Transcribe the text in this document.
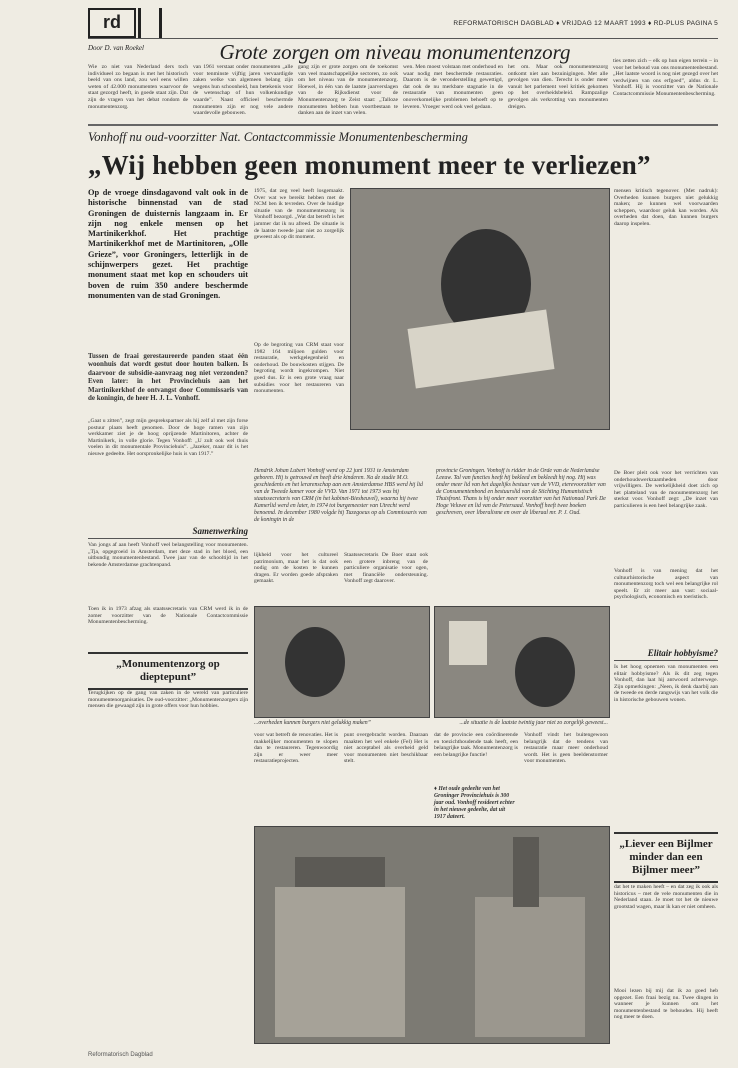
rd	REFORMATORISCH DAGBLAD ♦ VRIJDAG 12 MAART 1993 ♦ RD-PLUS PAGINA 5
Door D. van Roekel	Grote zorgen om niveau monumentenzorg
Wie zo niet van Nederland ders toch individueel zo begaan is met het historisch beeld van ons land, zou wel eens willen weten of 42.000 monumenten waarvoor de staat gezorgd heeft, in goede staat zijn. Dat zijn de vragen van het debat rondom de monumentenzorg.
van 1961 verstaat onder monumenten „alle voor tenminste vijftig jaren vervaardigde zaken welke van algemeen belang zijn wegens hun schoonheid, hun betekenis voor de wetenschap of hun volkenkundige waarde”. Naast officieel beschermde monumenten zijn er nog vele andere waardevolle gebouwen.
gang zijn er grote zorgen om de toekomst van veel maatschappelijke sectoren, zo ook om het niveau van de monumentenzorg. Hoewel, in één van de laatste jaarverslagen van de Rijksdienst voor de Monumentenzorg te Zeist staat: „Talloze monumenten hebben hun voortbestaan te danken aan de inzet van velen.
wen. Men moest volstaan met onderhoud en waar nodig met beschermde restauraties. Daarom is de veronderstelling gewettigd, dat ook de nu merkbare stagnatie in de restauratie van monumenten geen onoverkomelijke problemen behoeft op te leveren. Vroeger werd ook veel gedaan.
het om. Maar ook monumentenzorg ontkomt niet aan bezuinigingen. Met alle gevolgen van dien. Terecht is onder meer vanuit het parlement veel kritiek gekomen op het overheidsbeleid. Rampzalige gevolgen als verkrotting van monumenten dreigen.
ties zetten zich – elk op hun eigen terrein – in voor het behoud van ons monumentenbestand. „Het laatste woord is nog niet gezegd over het verdwijnen van ons erfgoed”, aldus dr. L. Vonhoff. Hij is voorzitter van de Nationale Contactcommissie Monumentenbescherming.
Vonhoff nu oud-voorzitter Nat. Contactcommissie Monumentenbescherming
„Wij hebben geen monument meer te verliezen”
Op de vroege dinsdagavond valt ook in de historische binnenstad van de stad Groningen de duisternis langzaam in. Er zijn nog enkele mensen op het Martinikerkhof. Het prachtige Martinikerkhof met de Martinitoren, „Olle Grieze”, voor Groningers, letterlijk in de schijnwerpers gezet. Het prachtige monument staat met kop en schouders uit boven de ruim 350 andere beschermde monumenten van de stad Groningen.
Tussen de fraai gerestaureerde panden staat één woonhuis dat wordt gestut door houten balken. Is daarvoor de subsidie-aanvraag nog niet verzonden? Even later: in het Provinciehuis aan het Martinikerkhof de ontvangst door Commissaris van de koningin, de heer H. J. L. Vonhoff.
„Gaat u zitten”, zegt mijn gesprekspartner als hij zelf al met zijn forse postuur plaats heeft genomen. Door de hoge ramen van zijn werkkamer ziet je de hoog oprijzende Martinitoren, achter de Martinikerk, in volle glorie. Tegen Vonhoff: „U zult ook wel thuis voelen in dit monumentale Provinciehuis”. „Jazeker, maar dit is het nieuwe gedeelte. Het oorspronkelijke huis is van 1917.”
1975, dat zeg veel heeft losgemaakt. Over wat we bereikt hebben met de NCM ben ik tevreden. Over de huidige situatie van de monumentenzorg is Vonhoff bezorgd. „Wat dat betreft is het jammer dat ik nu afreed. De situatie is de laatste tweede jaar niet zo zorgelijk geweest als op dit moment.
Op de begroting van CRM staat voor 1982 164 miljoen gulden voor restauratie, werkgelegenheid en onderhoud. De bouwkosten stijgen. De begroting wordt ingekrompen. Niet goed dus. Er is een grote vraag naar subsidies voor het restaureren van monumenten.
mensen kritisch tegenover. (Met nadruk): Overheden kunnen burgers niet gelukkig maken; ze kunnen wel voorwaarden scheppen, waardoor geluk kan worden. Als overheden dat doen, dan kunnen burgers daarop inspelen.
Hendrik Johan Lubert Vonhoff werd op 22 juni 1931 te Amsterdam geboren. Hij is getrouwd en heeft drie kinderen. Na de studie M.O. geschiedenis en het lerarenschap aan een Amsterdamse HBS werd hij lid van de Tweede kamer voor de VVD. Van 1971 tot 1973 was hij staatssecretaris van CRM (in het kabinet-Biesheuvel), waarna hij twee Kamerlid werd en later, in 1974 tot burgemeester van Utrecht werd benoemd. In december 1980 volgde hij Tuzegoeus op als Commissaris van de koningin in de
provincie Groningen. Vonhoff is ridder in de Orde van de Nederlandse Leeuw. Tal van functies heeft hij bekleed en bekleedt hij nog. Hij was onder meer lid van het dagelijks bestuur van de VVD, eterevoorzitter van de Consumentenbond en bestuurslid van de Stichting Humanistisch Thuisfront. Thans is hij onder meer voorzitter van het Nationaal Park De Hoge Veluwe en lid van de Petersaad. Vonhoff heeft twee boeken geschreven, over liberalisme en over de liberaal mr. P. J. Oud.
De Boer pleit ook voor het verrichten van onderhoudswerkzaamheden door vrijwilligers. De werkelijkheid doet zich op het platteland van de monumentenzorg het sterkst voor. Vonhoff zegt: „De inzet van particulieren is een heel belangrijke zaak.
Vonhoff is van mening dat het cultuurhistorische aspect van monumentenzorg toch wel een belangrijke rol speelt. Er zit meer aan vast: sociaal-psychologisch, economisch en toeristisch.
Elitair hobbyisme?
Is het hoog opnemen van monumenten een elitair hobbyisme? Als ik dit zeg tegen Vonhoff, dan laat hij antwoord achterwege. Zijn opmerkingen: „Neen, ik denk daarbij aan de tweede en derde rangswijs van het volk die in historische gebouwen wonen.
lijkheid voor het cultureel patrimonium, maar het is dat ook nodig om de kosten te kunnen dragen. Er worden goede afspraken gemaakt.
Staatssecretaris De Boer staat ook een grotere inbreng van de particuliere organisatie voor ogen, met financiële ondersteuning. Vonhoff zegt daarover.
Samenwerking
Van jongs af aan heeft Vonhoff veel belangstelling voor monumenten. „Tja, opgegroeid in Amsterdam, met deze stad in het bloed, een uitbundig monumentenbestand. Twee jaar van de schooltijd in het bekende Amsterdamse grachtenpand.
Toen ik in 1973 afzag als staatssecretaris van CRM werd ik in de zomer voorzitter van de Nationale Contactcommissie Monumentenbescherming.
...overheden kunnen burgers niet gelukkig maken”	...de situatie is de laatste twintig jaar niet zo zorgelijk geweest...
„Monumentenzorg op dieptepunt”
Terugkijken op de gang van zaken in de wereld van particuliere monumentenorganisaties. De oud-voorzitter: „Monumentenzorgers zijn mensen die gewaagd zijn in grote offers voor hun hobbies.
voor wat betreft de renovaties. Het is makkelijker monumenten te slopen dan te restaureren. Tegenwoordig zijn er weer meer restauratieprojecten.
punt overgebracht worden. Daaraan maakten het wel enkele (Fel) Het is niet acceptabel als overheid geld voor monumenten niet beschikbaar stelt.
dat de provincie een coördinerende en toezichthoudende taak heeft, een belangrijke taak. Monumentenzorg is een belangrijke functie!
♦ Het oude gedeelte van het Groninger Provinciehuis is 300 jaar oud. Vonhoff resideert echter in het nieuwe gedeelte, dat uit 1917 dateert.
Vonhoff vindt het buitengewoon belangrijk dat de tendens van restauratie maar meer onderhoud wordt. Het is geen beeldenstormer voor monumenten.
„Liever een Bijlmer minder dan een Bijlmer meer”
dat het te maken heeft – en dat zeg ik ook als historicus – met de vele monumenten die in Nederland staan. Je moet tot het de nieuwe grootstad wagen, maar ik kan er niet omheen.
Mooi lezen bij mij dat ik zo goed heb opgezet. Een fraai bezig nu. Twee dingen in wanneer je kunnen om het monumentenbestand te behouden. Hij heeft nog meer te doen.
Reformatorisch Dagblad
